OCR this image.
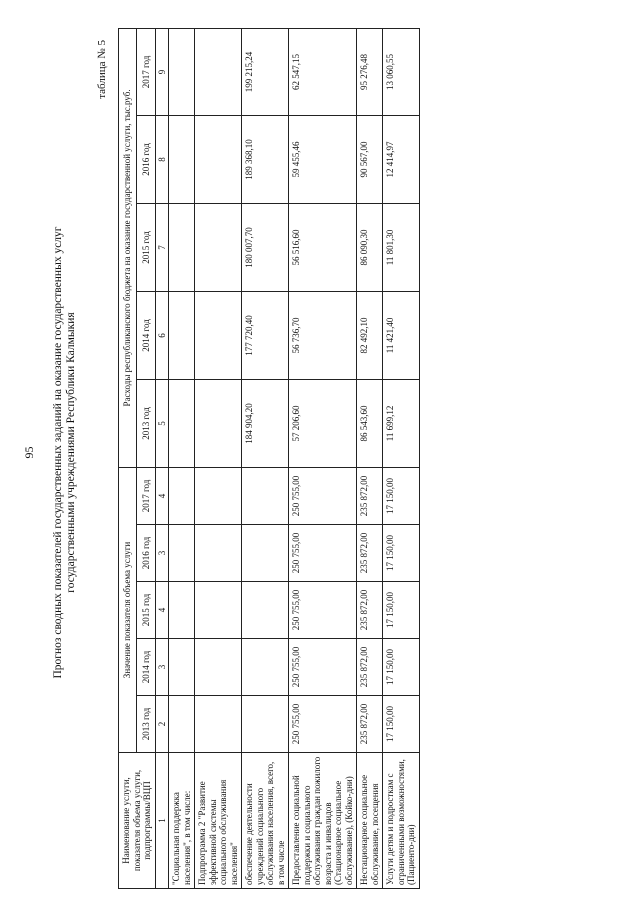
95 Прогноз сводных показателей государственных заданий на оказание государственных услуг государственными учреждениями Республики Калмыкия
таблица № 5
Наименование услуги, показателя объема услуги, подпрограммы/ВЦП	Значение показателя объема услуги					Расходы республиканского бюджета на оказание государственной услуги, тыс.руб.				
	2013 год	2014 год	2015 год	2016 год	2017 год	2013 год	2014 год	2015 год	2016 год	2017 год
1	2	3	4	3	4	5	6	7	8	9
"Социальная поддержка населения", в том числе:										
Подпрограмма 2 "Развитие эффективной системы социального обслуживания населения"										
обеспечение деятельности учреждений социального обслуживания населения, всего, в том числе						184 904,20	177 720,40	180 007,70	189 368,10	199 215,24
Предоставление социальной поддержки и социального обслуживания граждан пожилого возраста и инвалидов (Стационарное социальное обслуживание), (Койко-дни)	250 755,00	250 755,00	250 755,00	250 755,00	250 755,00	57 206,60	56 736,70	56 516,60	59 455,46	62 547,15
Нестационарное социальное обслуживание, посещения	235 872,00	235 872,00	235 872,00	235 872,00	235 872,00	86 543,60	82 492,10	86 090,30	90 567,00	95 276,48
Услуги детям и подросткам с ограниченными возможностями, (Пациенто-дни)	17 150,00	17 150,00	17 150,00	17 150,00	17 150,00	11 699,12	11 421,40	11 801,30	12 414,97	13 060,55
